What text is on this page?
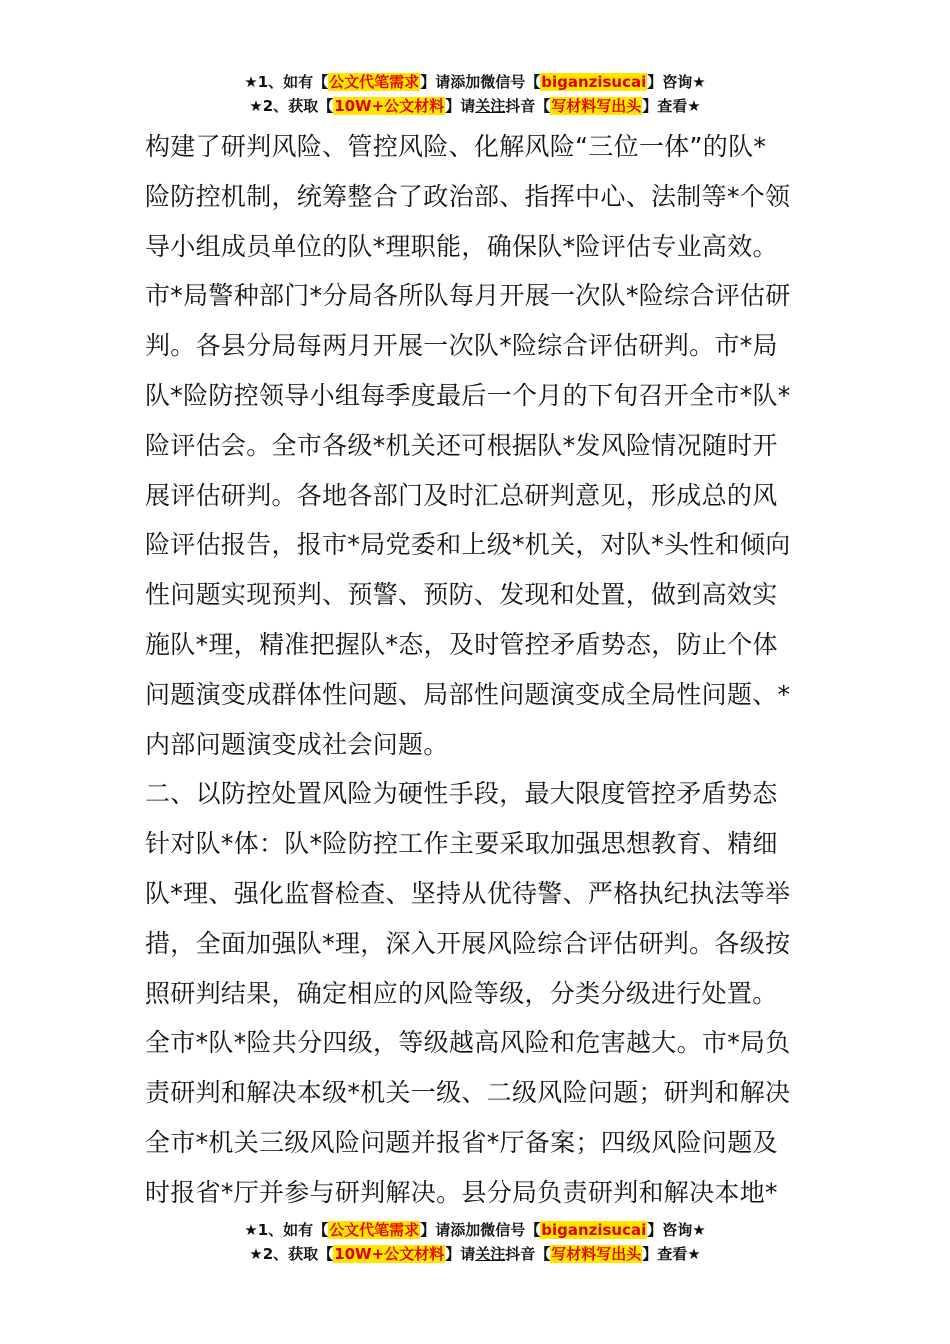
★1、如有【公文代笔需求】请添加微信号【biganzisucai】咨询★
★2、获取【10W+公文材料】请关注抖音【写材料写出头】查看★
构建了研判风险、管控风险、化解风险“三位一体”的队*
险防控机制，统筹整合了政治部、指挥中心、法制等*个领
导小组成员单位的队*理职能，确保队*险评估专业高效。
市*局警种部门*分局各所队每月开展一次队*险综合评估研
判。各县分局每两月开展一次队*险综合评估研判。市*局
队*险防控领导小组每季度最后一个月的下旬召开全市*队*
险评估会。全市各级*机关还可根据队*发风险情况随时开
展评估研判。各地各部门及时汇总研判意见，形成总的风
险评估报告，报市*局党委和上级*机关，对队*头性和倾向
性问题实现预判、预警、预防、发现和处置，做到高效实
施队*理，精准把握队*态，及时管控矛盾势态，防止个体
问题演变成群体性问题、局部性问题演变成全局性问题、*
内部问题演变成社会问题。
二、以防控处置风险为硬性手段，最大限度管控矛盾势态
针对队*体：队*险防控工作主要采取加强思想教育、精细
队*理、强化监督检查、坚持从优待警、严格执纪执法等举
措，全面加强队*理，深入开展风险综合评估研判。各级按
照研判结果，确定相应的风险等级，分类分级进行处置。
全市*队*险共分四级，等级越高风险和危害越大。市*局负
责研判和解决本级*机关一级、二级风险问题；研判和解决
全市*机关三级风险问题并报省*厅备案；四级风险问题及
时报省*厅并参与研判解决。县分局负责研判和解决本地*
★1、如有【公文代笔需求】请添加微信号【biganzisucai】咨询★
★2、获取【10W+公文材料】请关注抖音【写材料写出头】查看★
